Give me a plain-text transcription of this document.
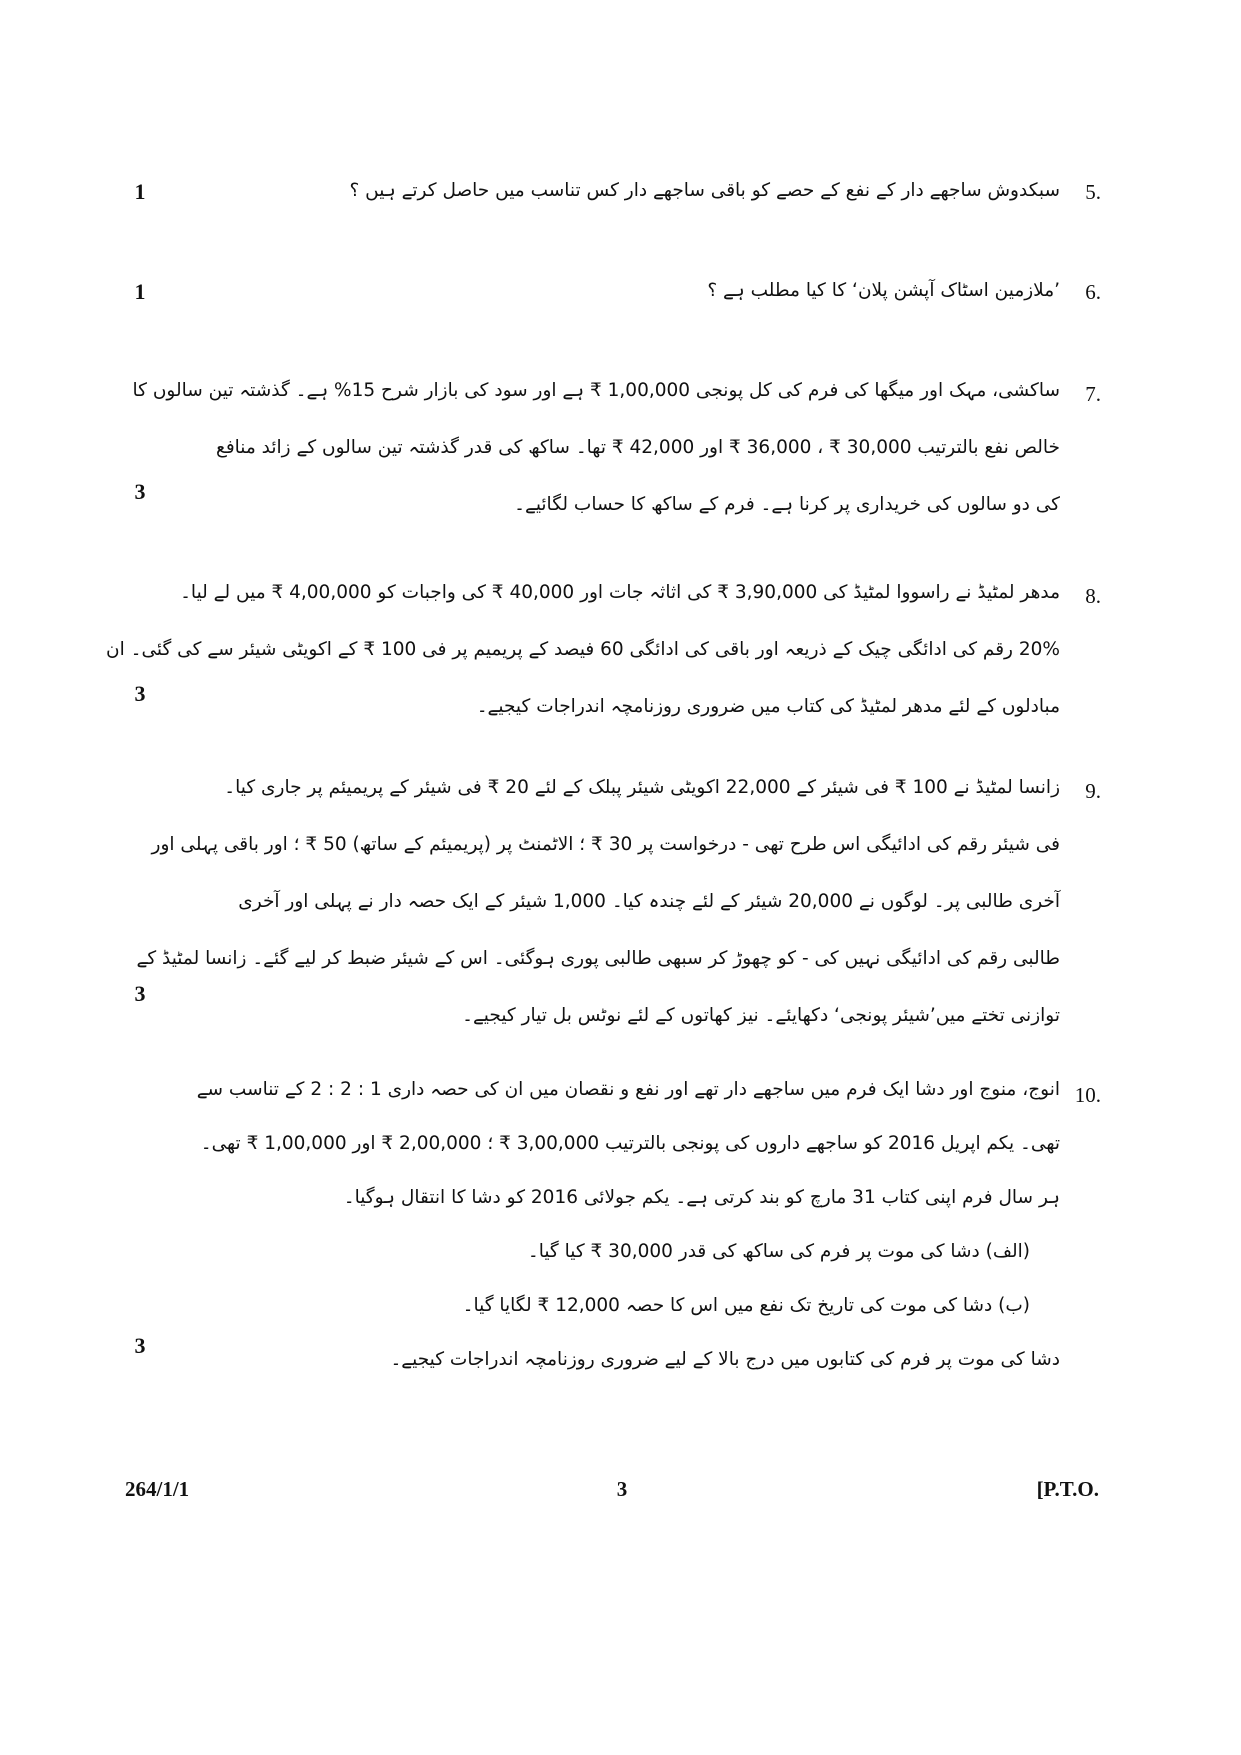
1
1
3
3
3
3
5.
سبکدوش ساجھے دار کے نفع کے حصے کو باقی ساجھے دار کس تناسب میں حاصل کرتے ہیں ؟
6.
’ملازمین اسٹاک آپشن پلان‘ کا کیا مطلب ہے ؟
7.
ساکشی، مہک اور میگھا کی فرم کی کل پونجی 1,00,000 ₹ ہے اور سود کی بازار شرح 15% ہے۔ گذشتہ تین سالوں کا
خالص نفع بالترتیب 30,000 ₹ ، 36,000 ₹ اور 42,000 ₹ تھا۔ ساکھ کی قدر گذشتہ تین سالوں کے زائد منافع
کی دو سالوں کی خریداری پر کرنا ہے۔ فرم کے ساکھ کا حساب لگائیے۔
8.
مدھر لمٹیڈ نے راسووا لمٹیڈ کی 3,90,000 ₹ کی اثاثہ جات اور 40,000 ₹ کی واجبات کو 4,00,000 ₹ میں لے لیا۔
20% رقم کی ادائگی چیک کے ذریعہ اور باقی کی ادائگی 60 فیصد کے پریمیم پر فی 100 ₹ کے اکویٹی شیئر سے کی گئی۔ ان
مبادلوں کے لئے مدھر لمٹیڈ کی کتاب میں ضروری روزنامچہ اندراجات کیجیے۔
9.
زانسا لمٹیڈ نے 100 ₹ فی شیئر کے 22,000 اکویٹی شیئر پبلک کے لئے 20 ₹ فی شیئر کے پریمیئم پر جاری کیا۔
فی شیئر رقم کی ادائیگی اس طرح تھی - درخواست پر 30 ₹ ؛ الاٹمنٹ پر (پریمیئم کے ساتھ) 50 ₹ ؛ اور باقی پہلی اور
آخری طالبی پر۔ لوگوں نے 20,000 شیئر کے لئے چندہ کیا۔ 1,000 شیئر کے ایک حصہ دار نے پہلی اور آخری
طالبی رقم کی ادائیگی نہیں کی - کو چھوڑ کر سبھی طالبی پوری ہوگئی۔ اس کے شیئر ضبط کر لیے گئے۔ زانسا لمٹیڈ کے
توازنی تختے میں’شیئر پونجی‘ دکھایئے۔ نیز کھاتوں کے لئے نوٹس بل تیار کیجیے۔
10.
انوج، منوج اور دشا ایک فرم میں ساجھے دار تھے اور نفع و نقصان میں ان کی حصہ داری 1 : 2 : 2 کے تناسب سے
تھی۔ یکم اپریل 2016 کو ساجھے داروں کی پونجی بالترتیب 3,00,000 ₹ ؛ 2,00,000 ₹ اور 1,00,000 ₹ تھی۔
ہر سال فرم اپنی کتاب 31 مارچ کو بند کرتی ہے۔ یکم جولائی 2016 کو دشا کا انتقال ہوگیا۔
(الف) دشا کی موت پر فرم کی ساکھ کی قدر 30,000 ₹ کیا گیا۔
(ب) دشا کی موت کی تاریخ تک نفع میں اس کا حصہ 12,000 ₹ لگایا گیا۔
دشا کی موت پر فرم کی کتابوں میں درج بالا کے لیے ضروری روزنامچہ اندراجات کیجیے۔
264/1/1	3	[P.T.O.
